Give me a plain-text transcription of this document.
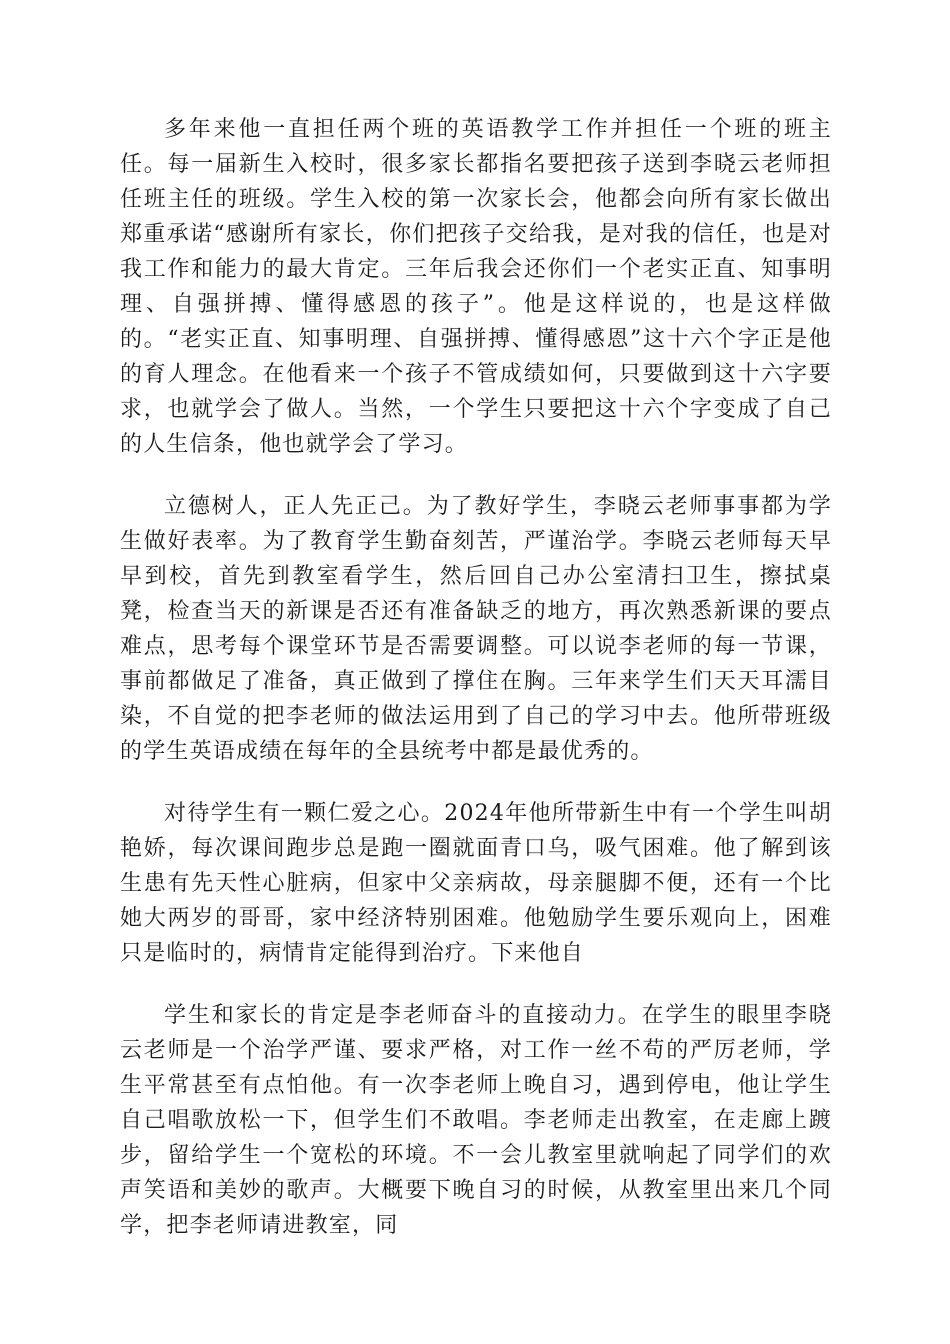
多年来他一直担任两个班的英语教学工作并担任一个班的班主任。每一届新生入校时，很多家长都指名要把孩子送到李晓云老师担任班主任的班级。学生入校的第一次家长会，他都会向所有家长做出郑重承诺“感谢所有家长，你们把孩子交给我，是对我的信任，也是对我工作和能力的最大肯定。三年后我会还你们一个老实正直、知事明理、自强拼搏、懂得感恩的孩子”。他是这样说的，也是这样做的。“老实正直、知事明理、自强拼搏、懂得感恩”这十六个字正是他的育人理念。在他看来一个孩子不管成绩如何，只要做到这十六字要求，也就学会了做人。当然，一个学生只要把这十六个字变成了自己的人生信条，他也就学会了学习。

立德树人，正人先正己。为了教好学生，李晓云老师事事都为学生做好表率。为了教育学生勤奋刻苦，严谨治学。李晓云老师每天早早到校，首先到教室看学生，然后回自己办公室清扫卫生，擦拭桌凳，检查当天的新课是否还有准备缺乏的地方，再次熟悉新课的要点难点，思考每个课堂环节是否需要调整。可以说李老师的每一节课，事前都做足了准备，真正做到了撑住在胸。三年来学生们天天耳濡目染，不自觉的把李老师的做法运用到了自己的学习中去。他所带班级的学生英语成绩在每年的全县统考中都是最优秀的。

对待学生有一颗仁爱之心。2024年他所带新生中有一个学生叫胡艳娇，每次课间跑步总是跑一圈就面青口乌，吸气困难。他了解到该生患有先天性心脏病，但家中父亲病故，母亲腿脚不便，还有一个比她大两岁的哥哥，家中经济特别困难。他勉励学生要乐观向上，困难只是临时的，病情肯定能得到治疗。下来他自

学生和家长的肯定是李老师奋斗的直接动力。在学生的眼里李晓云老师是一个治学严谨、要求严格，对工作一丝不苟的严厉老师，学生平常甚至有点怕他。有一次李老师上晚自习，遇到停电，他让学生自己唱歌放松一下，但学生们不敢唱。李老师走出教室，在走廊上踱步，留给学生一个宽松的环境。不一会儿教室里就响起了同学们的欢声笑语和美妙的歌声。大概要下晚自习的时候，从教室里出来几个同学，把李老师请进教室，同
